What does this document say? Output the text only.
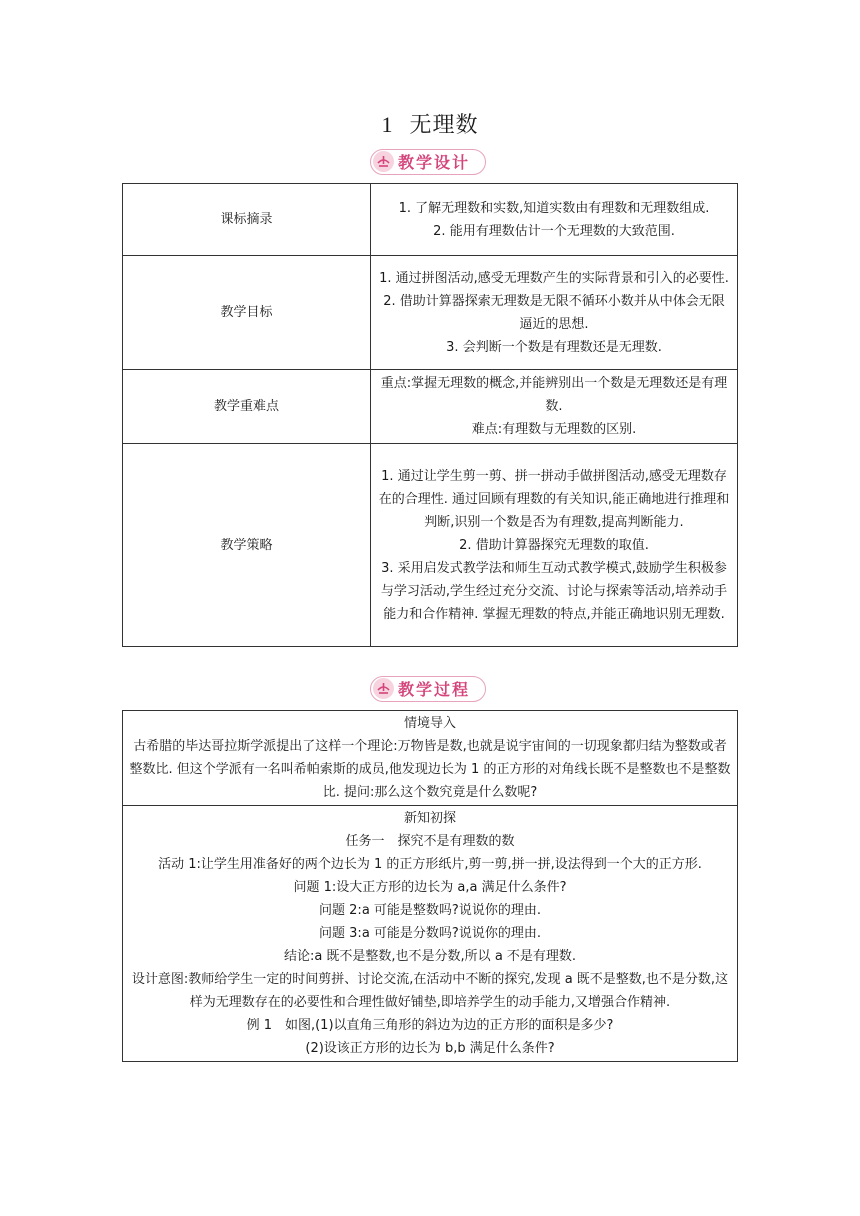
1 无理数
教学设计
课标摘录	1. 了解无理数和实数,知道实数由有理数和无理数组成.
2. 能用有理数估计一个无理数的大致范围.

教学目标	1. 通过拼图活动,感受无理数产生的实际背景和引入的必要性.
2. 借助计算器探索无理数是无限不循环小数并从中体会无限逼近的思想.
3. 会判断一个数是有理数还是无理数.

教学重难点	重点:掌握无理数的概念,并能辨别出一个数是无理数还是有理数.
难点:有理数与无理数的区别.

教学策略	1. 通过让学生剪一剪、拼一拼动手做拼图活动,感受无理数存在的合理性. 通过回顾有理数的有关知识,能正确地进行推理和判断,识别一个数是否为有理数,提高判断能力.
2. 借助计算器探究无理数的取值.
3. 采用启发式教学法和师生互动式教学模式,鼓励学生积极参与学习活动,学生经过充分交流、讨论与探索等活动,培养动手能力和合作精神. 掌握无理数的特点,并能正确地识别无理数.
教学过程
情境导入
古希腊的毕达哥拉斯学派提出了这样一个理论:万物皆是数,也就是说宇宙间的一切现象都归结为整数或者整数比. 但这个学派有一名叫希帕索斯的成员,他发现边长为 1 的正方形的对角线长既不是整数也不是整数比. 提问:那么这个数究竟是什么数呢?

新知初探
任务一　探究不是有理数的数
活动 1:让学生用准备好的两个边长为 1 的正方形纸片,剪一剪,拼一拼,设法得到一个大的正方形.
问题 1:设大正方形的边长为 a,a 满足什么条件?
问题 2:a 可能是整数吗?说说你的理由.
问题 3:a 可能是分数吗?说说你的理由.
结论:a 既不是整数,也不是分数,所以 a 不是有理数.
设计意图:教师给学生一定的时间剪拼、讨论交流,在活动中不断的探究,发现 a 既不是整数,也不是分数,这样为无理数存在的必要性和合理性做好铺垫,即培养学生的动手能力,又增强合作精神.
例 1　如图,(1)以直角三角形的斜边为边的正方形的面积是多少?
(2)设该正方形的边长为 b,b 满足什么条件?
